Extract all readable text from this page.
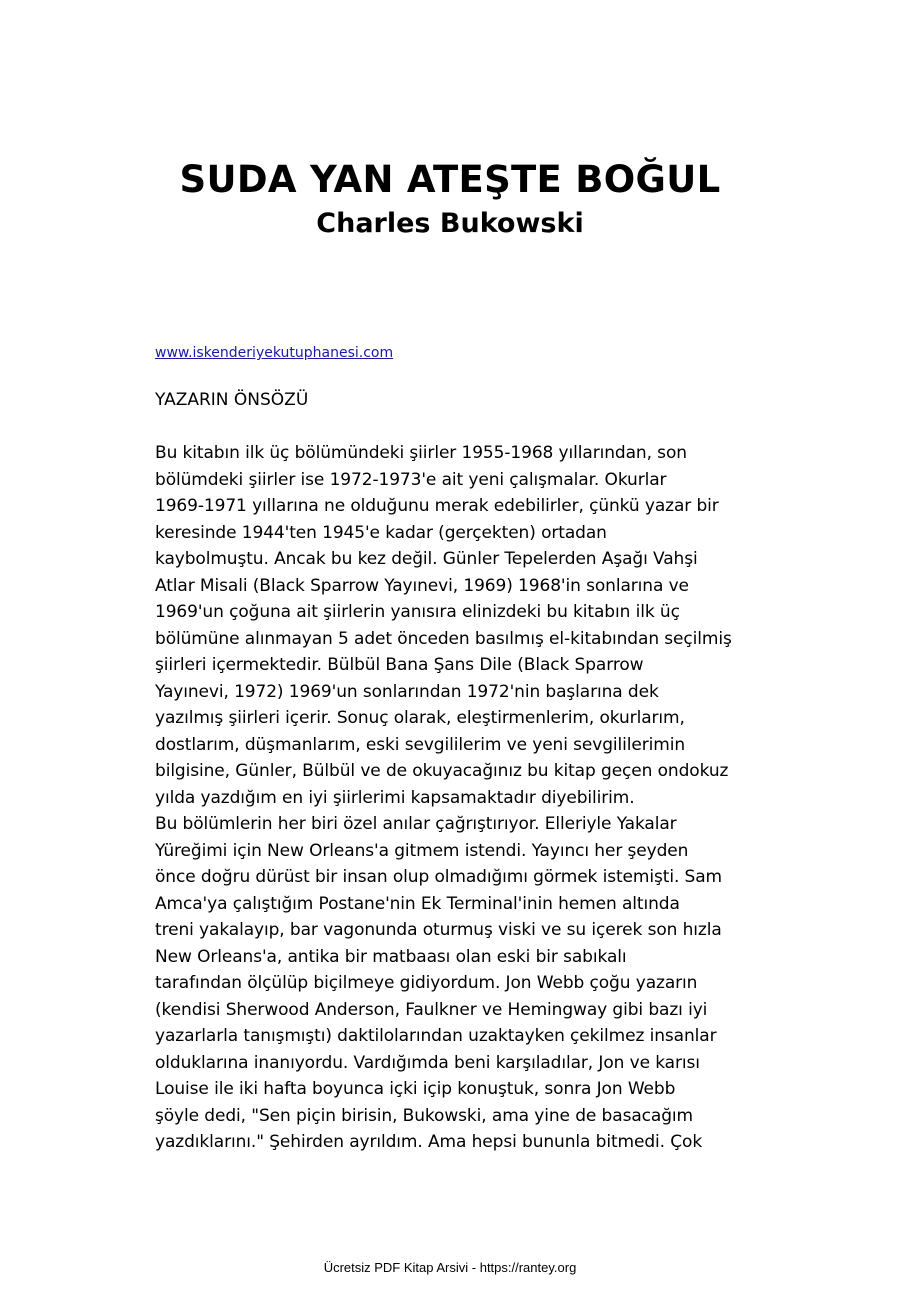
SUDA YAN ATEŞTE BOĞUL
Charles Bukowski
www.iskenderiyekutuphanesi.com
YAZARIN ÖNSÖZÜ
Bu kitabın ilk üç bölümündeki şiirler 1955-1968 yıllarından, son
bölümdeki şiirler ise 1972-1973'e ait yeni çalışmalar. Okurlar
1969-1971 yıllarına ne olduğunu merak edebilirler, çünkü yazar bir
keresinde 1944'ten 1945'e kadar (gerçekten) ortadan
kaybolmuştu. Ancak bu kez değil. Günler Tepelerden Aşağı Vahşi
Atlar Misali (Black Sparrow Yayınevi, 1969) 1968'in sonlarına ve
1969'un çoğuna ait şiirlerin yanısıra elinizdeki bu kitabın ilk üç
bölümüne alınmayan 5 adet önceden basılmış el-kitabından seçilmiş
şiirleri içermektedir. Bülbül Bana Şans Dile (Black Sparrow
Yayınevi, 1972) 1969'un sonlarından 1972'nin başlarına dek
yazılmış şiirleri içerir. Sonuç olarak, eleştirmenlerim, okurlarım,
dostlarım, düşmanlarım, eski sevgililerim ve yeni sevgililerimin
bilgisine, Günler, Bülbül ve de okuyacağınız bu kitap geçen ondokuz
yılda yazdığım en iyi şiirlerimi kapsamaktadır diyebilirim.
Bu bölümlerin her biri özel anılar çağrıştırıyor. Elleriyle Yakalar
Yüreğimi için New Orleans'a gitmem istendi. Yayıncı her şeyden
önce doğru dürüst bir insan olup olmadığımı görmek istemişti. Sam
Amca'ya çalıştığım Postane'nin Ek Terminal'inin hemen altında
treni yakalayıp, bar vagonunda oturmuş viski ve su içerek son hızla
New Orleans'a, antika bir matbaası olan eski bir sabıkalı
tarafından ölçülüp biçilmeye gidiyordum. Jon Webb çoğu yazarın
(kendisi Sherwood Anderson, Faulkner ve Hemingway gibi bazı iyi
yazarlarla tanışmıştı) daktilolarından uzaktayken çekilmez insanlar
olduklarına inanıyordu. Vardığımda beni karşıladılar, Jon ve karısı
Louise ile iki hafta boyunca içki içip konuştuk, sonra Jon Webb
şöyle dedi, "Sen piçin birisin, Bukowski, ama yine de basacağım
yazdıklarını." Şehirden ayrıldım. Ama hepsi bununla bitmedi. Çok
Ücretsiz PDF Kitap Arsivi - https://rantey.org
